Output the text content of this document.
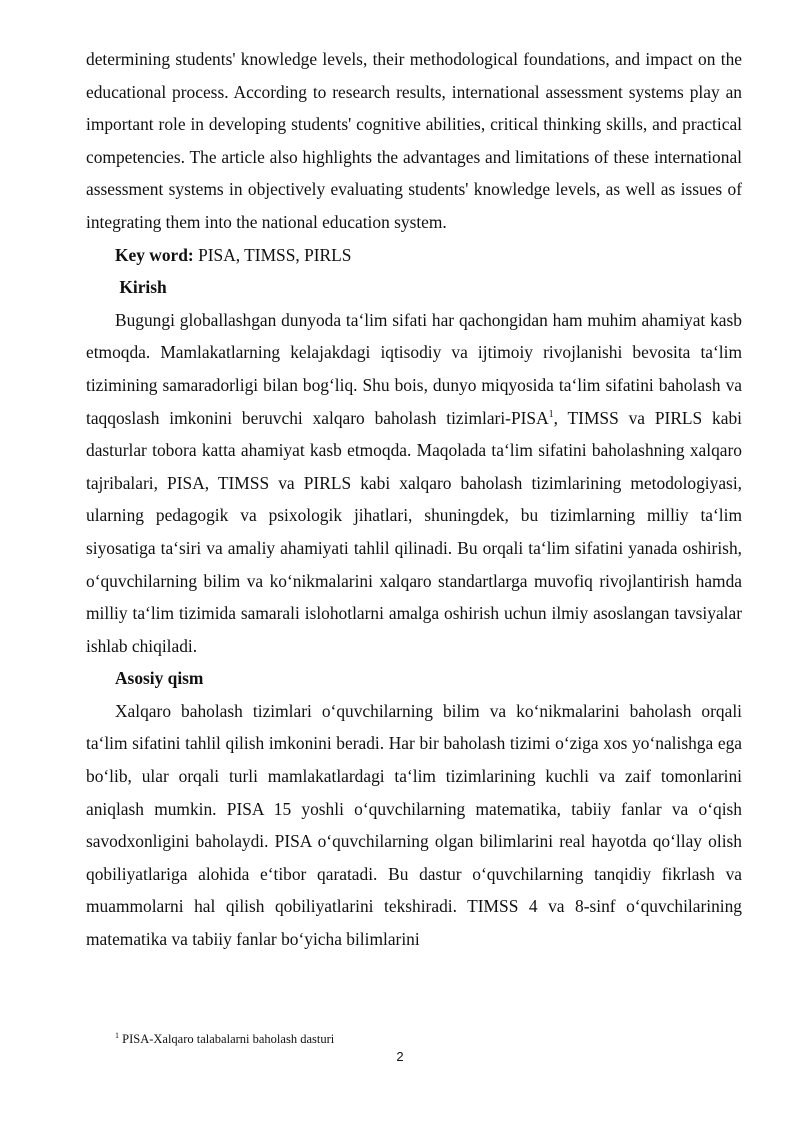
determining students' knowledge levels, their methodological foundations, and impact on the educational process. According to research results, international assessment systems play an important role in developing students' cognitive abilities, critical thinking skills, and practical competencies. The article also highlights the advantages and limitations of these international assessment systems in objectively evaluating students' knowledge levels, as well as issues of integrating them into the national education system.

Key word: PISA, TIMSS, PIRLS

Kirish

Bugungi globallashgan dunyoda ta‘lim sifati har qachongidan ham muhim ahamiyat kasb etmoqda. Mamlakatlarning kelajakdagi iqtisodiy va ijtimoiy rivojlanishi bevosita ta‘lim tizimining samaradorligi bilan bog‘liq. Shu bois, dunyo miqyosida ta‘lim sifatini baholash va taqqoslash imkonini beruvchi xalqaro baholash tizimlari-PISA$^1$, TIMSS va PIRLS kabi dasturlar tobora katta ahamiyat kasb etmoqda. Maqolada ta‘lim sifatini baholashning xalqaro tajribalari, PISA, TIMSS va PIRLS kabi xalqaro baholash tizimlarining metodologiyasi, ularning pedagogik va psixologik jihatlari, shuningdek, bu tizimlarning milliy ta‘lim siyosatiga ta‘siri va amaliy ahamiyati tahlil qilinadi. Bu orqali ta‘lim sifatini yanada oshirish, o‘quvchilarning bilim va ko‘nikmalarini xalqaro standartlarga muvofiq rivojlantirish hamda milliy ta‘lim tizimida samarali islohotlarni amalga oshirish uchun ilmiy asoslangan tavsiyalar ishlab chiqiladi.

Asosiy qism

Xalqaro baholash tizimlari o‘quvchilarning bilim va ko‘nikmalarini baholash orqali ta‘lim sifatini tahlil qilish imkonini beradi. Har bir baholash tizimi o‘ziga xos yo‘nalishga ega bo‘lib, ular orqali turli mamlakatlardagi ta‘lim tizimlarining kuchli va zaif tomonlarini aniqlash mumkin. PISA 15 yoshli o‘quvchilarning matematika, tabiiy fanlar va o‘qish savodxonligini baholaydi. PISA o‘quvchilarning olgan bilimlarini real hayotda qo‘llay olish qobiliyatlariga alohida e‘tibor qaratadi. Bu dastur o‘quvchilarning tanqidiy fikrlash va muammolarni hal qilish qobiliyatlarini tekshiradi. TIMSS 4 va 8-sinf o‘quvchilarining matematika va tabiiy fanlar bo‘yicha bilimlarini

$^1$ PISA-Xalqaro talabalarni baholash dasturi
2
